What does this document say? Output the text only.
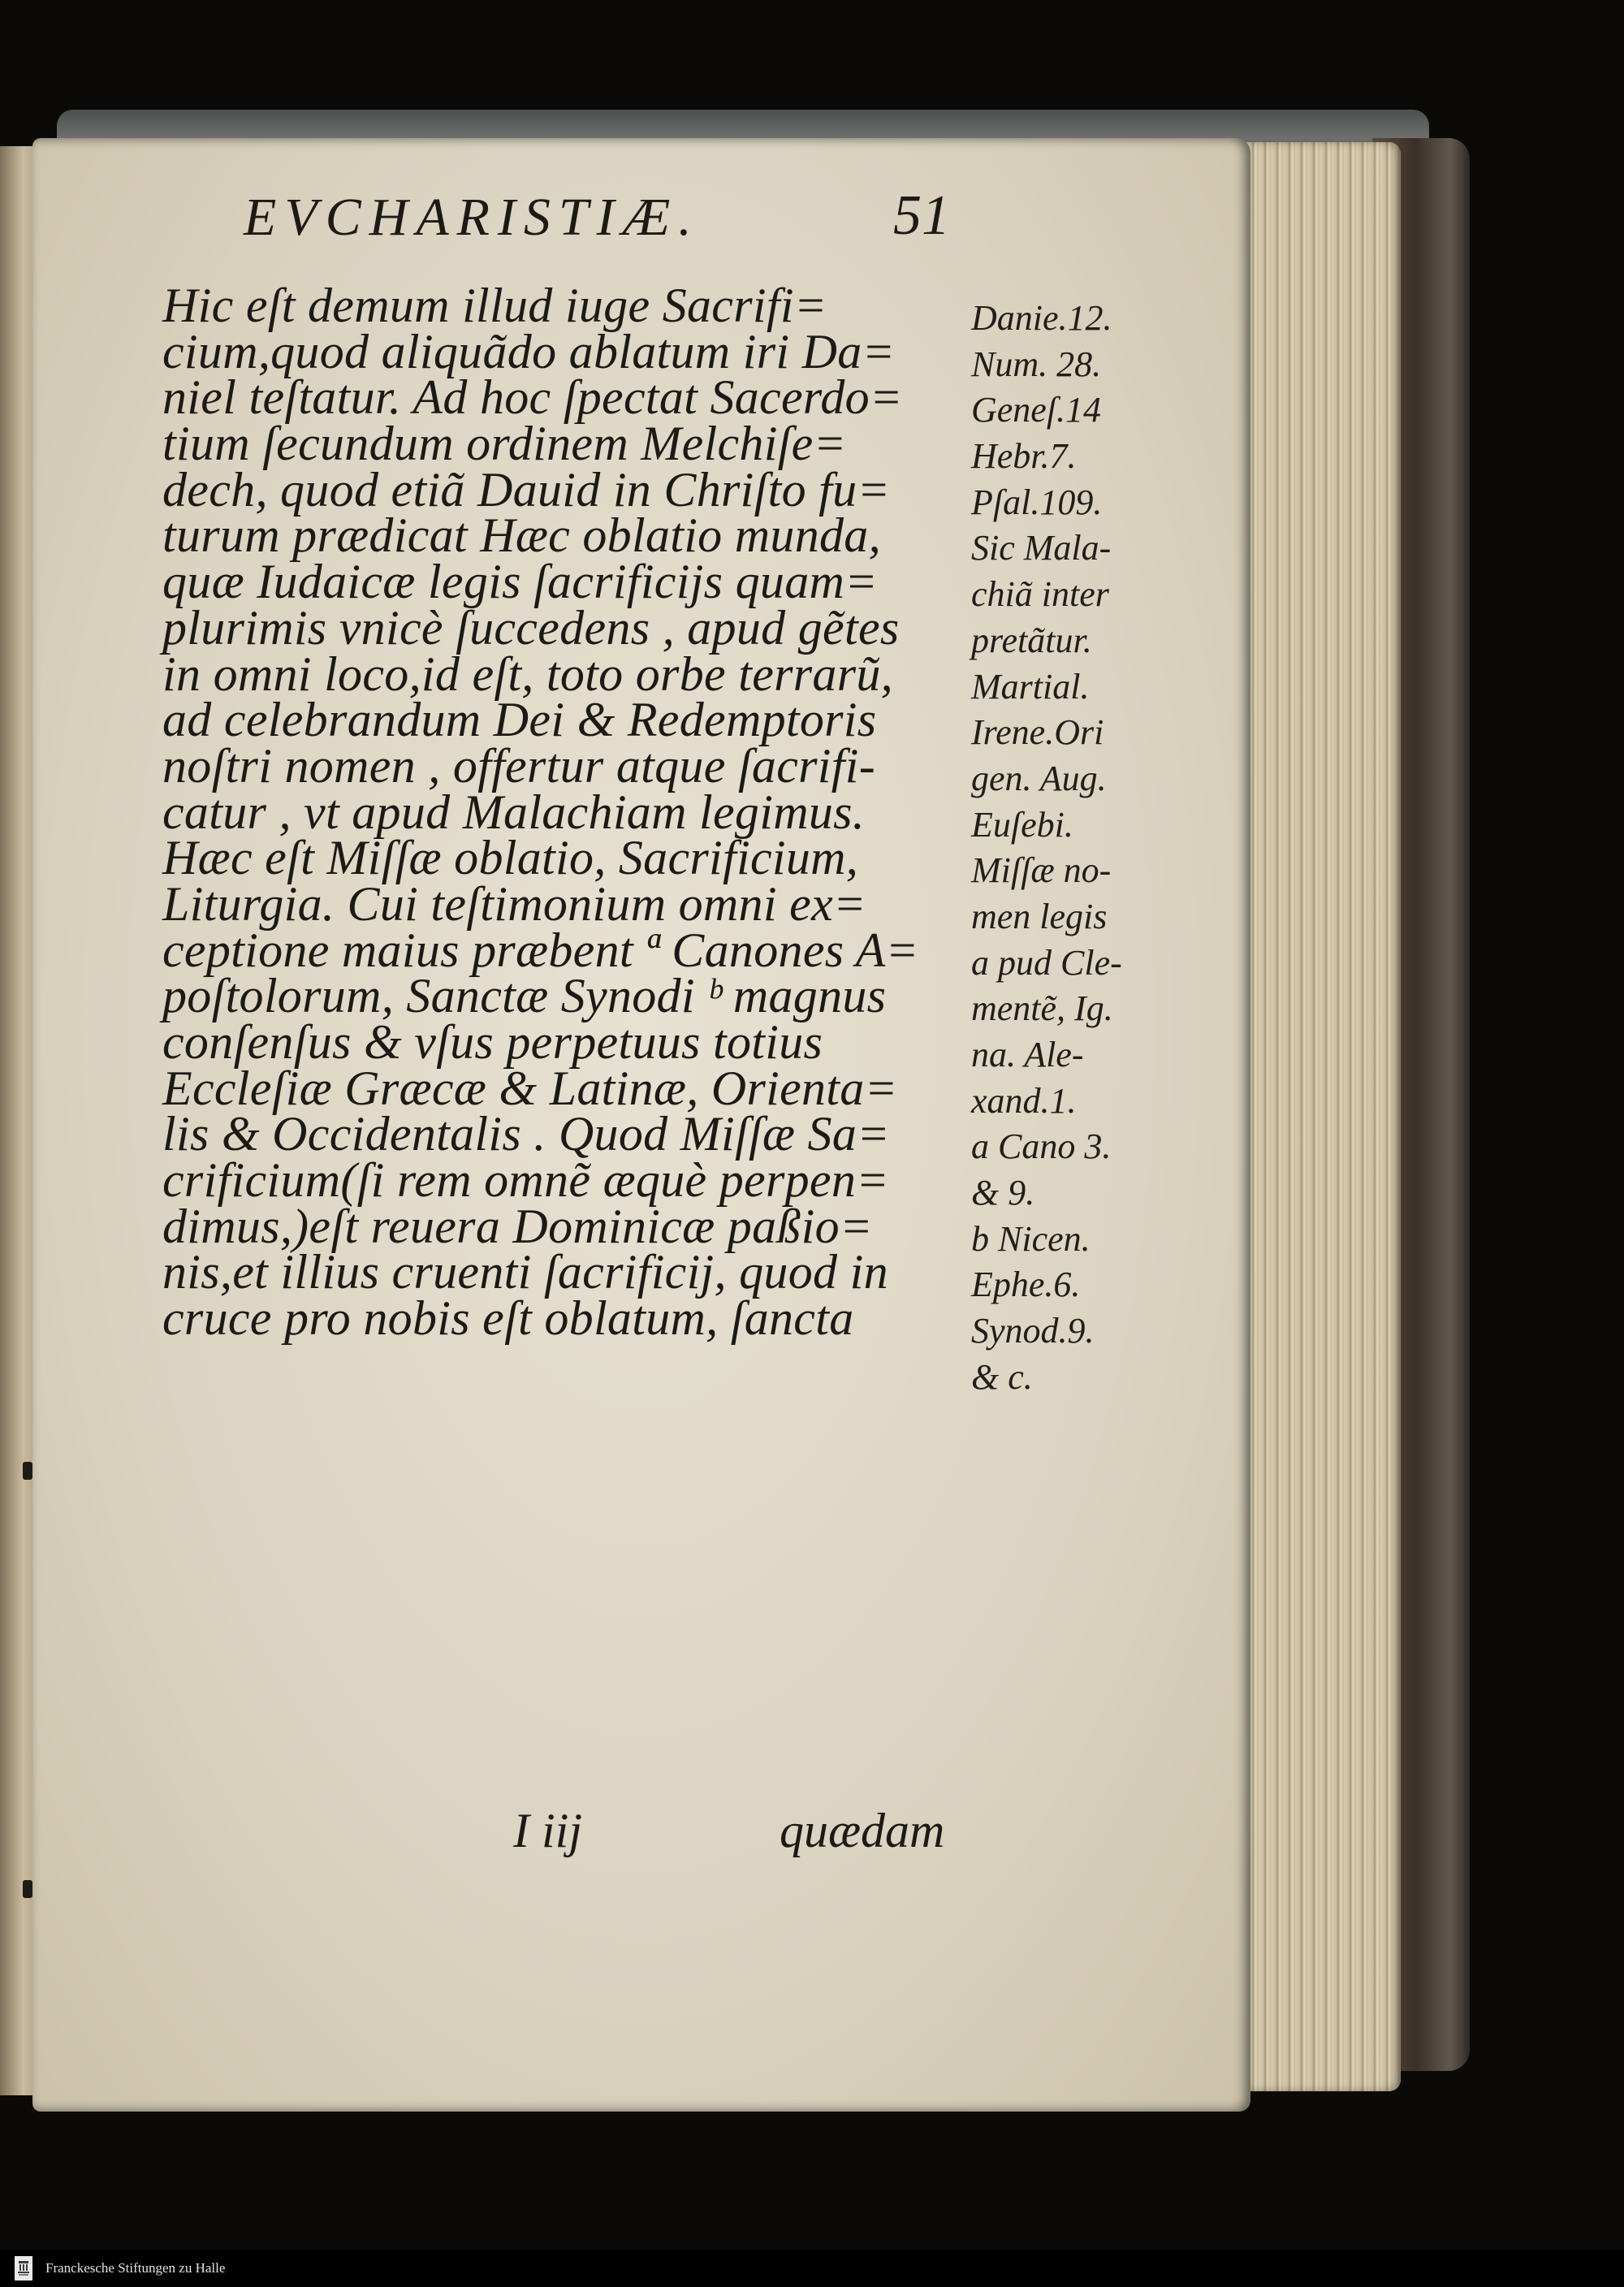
EVCHARISTIÆ.	51
Hic eſt demum illud iuge Sacrifi=
cium,quod aliquãdo ablatum iri Da=
niel teſtatur. Ad hoc ſpectat Sacerdo=
tium ſecundum ordinem Melchiſe=
dech, quod etiã Dauid in Chriſto fu=
turum prædicat Hæc oblatio munda,
quæ Iudaicæ legis ſacrificijs quam=
plurimis vnicè ſuccedens , apud gẽtes
in omni loco,id eſt, toto orbe terrarũ,
ad celebrandum Dei & Redemptoris
noſtri nomen , offertur atque ſacrifi-
catur , vt apud Malachiam legimus.
Hæc eſt Miſſæ oblatio, Sacrificium,
Liturgia. Cui teſtimonium omni ex=
ceptione maius præbent ª Canones A=
poſtolorum, Sanctæ Synodi ᵇ magnus
conſenſus & vſus perpetuus totius
Eccleſiæ Græcæ & Latinæ, Orienta=
lis & Occidentalis . Quod Miſſæ Sa=
crificium(ſi rem omnẽ æquè perpen=
dimus,)eſt reuera Dominicæ paßio=
nis,et illius cruenti ſacrificij, quod in
cruce pro nobis eſt oblatum, ſancta
Danie.12.
Num. 28.
Geneſ.14
Hebr.7.
Pſal.109.
Sic Mala-
chiã inter
pretãtur.
Martial.
Irene.Ori
gen. Aug.
Euſebi.
Miſſæ no-
men legis
a pud Cle-
mentẽ, Ig.
na. Ale-
xand.1.
a Cano 3.
& 9.
b Nicen.
Ephe.6.
Synod.9.
& c.
I iij	quædam
Franckesche Stiftungen zu Halle
